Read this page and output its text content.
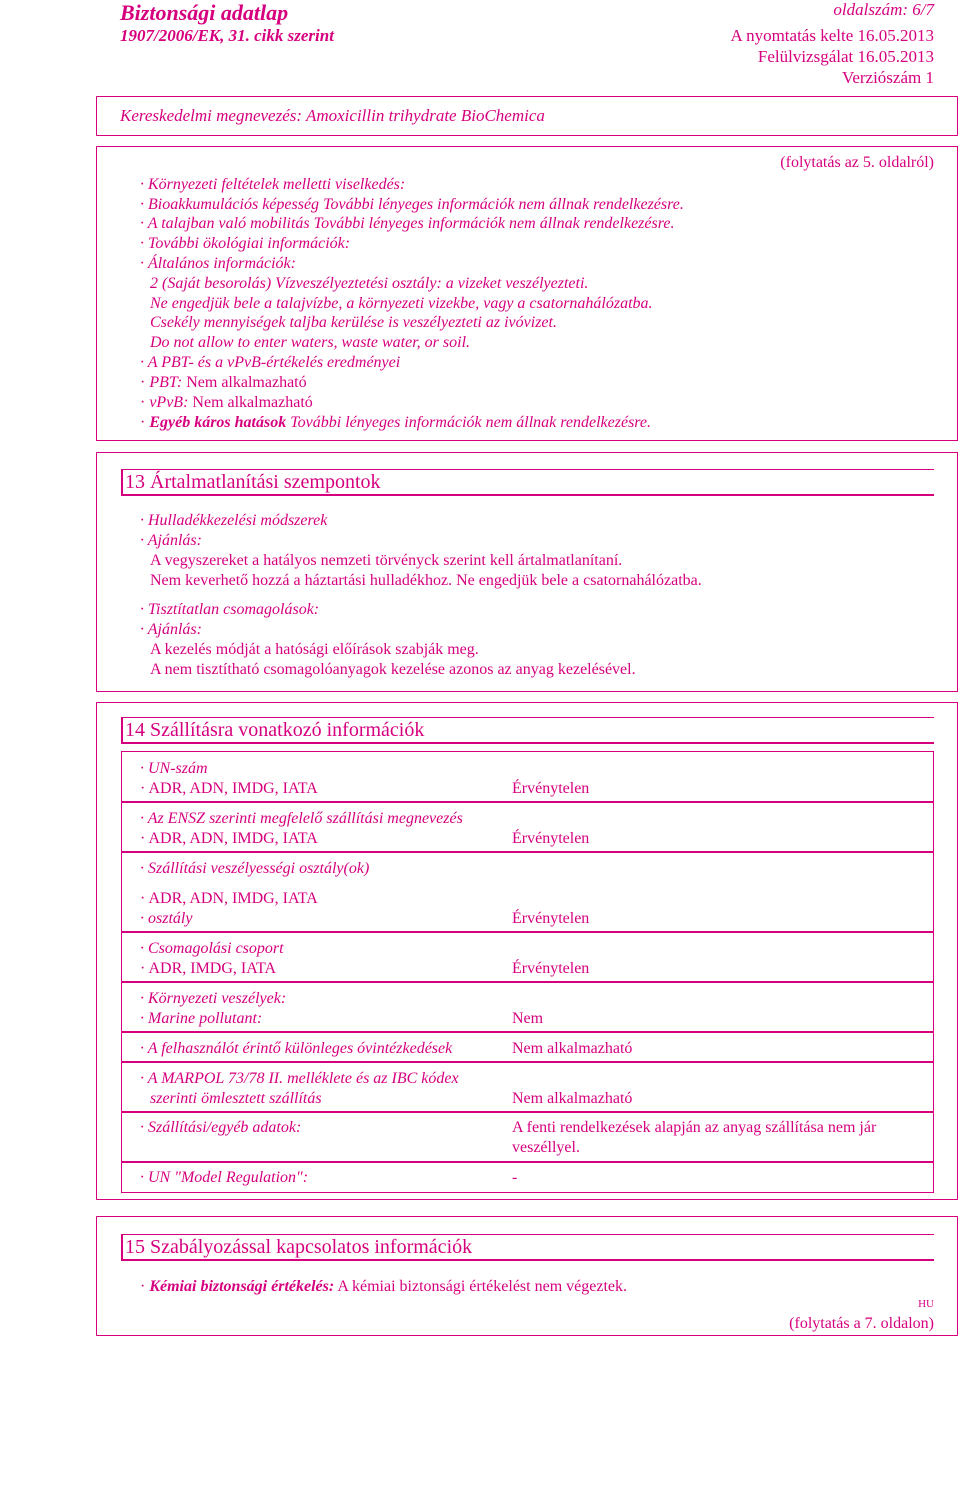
Biztonsági adatlap
1907/2006/EK, 31. cikk szerint
oldalszám: 6/7
A nyomtatás kelte 16.05.2013
Felülvizsgálat 16.05.2013
Verziószám 1
Kereskedelmi megnevezés: Amoxicillin trihydrate BioChemica
(folytatás az 5. oldalról)
· Környezeti feltételek melletti viselkedés:
· Bioakkumulációs képesség További lényeges információk nem állnak rendelkezésre.
· A talajban való mobilitás További lényeges információk nem állnak rendelkezésre.
· További ökológiai információk:
· Általános információk:
2 (Saját besorolás) Vízveszélyeztetési osztály: a vizeket veszélyezteti.
Ne engedjük bele a talajvízbe, a környezeti vizekbe, vagy a csatornahálózatba.
Csekély mennyiségek taljba kerülése is veszélyezteti az ivóvizet.
Do not allow to enter waters, waste water, or soil.
· A PBT- és a vPvB-értékelés eredményei
· PBT: Nem alkalmazható
· vPvB: Nem alkalmazható
· Egyéb káros hatások További lényeges információk nem állnak rendelkezésre.
13 Ártalmatlanítási szempontok
· Hulladékkezelési módszerek
· Ajánlás:
A vegyszereket a hatályos nemzeti törvényck szerint kell ártalmatlanítaní.
Nem keverhető hozzá a háztartási hulladékhoz. Ne engedjük bele a csatornahálózatba.
· Tisztítatlan csomagolások:
· Ajánlás:
A kezelés módját a hatósági előírások szabják meg.
A nem tisztítható csomagolóanyagok kezelése azonos az anyag kezelésével.
14 Szállításra vonatkozó információk
· UN-szám
· ADR, ADN, IMDG, IATA	Érvénytelen
· Az ENSZ szerinti megfelelő szállítási megnevezés
· ADR, ADN, IMDG, IATA	Érvénytelen
· Szállítási veszélyességi osztály(ok)
· ADR, ADN, IMDG, IATA
· osztály	Érvénytelen
· Csomagolási csoport
· ADR, IMDG, IATA	Érvénytelen
· Környezeti veszélyek:
· Marine pollutant:	Nem
· A felhasználót érintő különleges óvintézkedések	Nem alkalmazható
· A MARPOL 73/78 II. melléklete és az IBC kódex
szerinti ömlesztett szállítás	Nem alkalmazható
· Szállítási/egyéb adatok:	A fenti rendelkezések alapján az anyag szállítása nem jár
veszéllyel.
· UN "Model Regulation":	-
15 Szabályozással kapcsolatos információk
· Kémiai biztonsági értékelés: A kémiai biztonsági értékelést nem végeztek.
HU
(folytatás a 7. oldalon)
